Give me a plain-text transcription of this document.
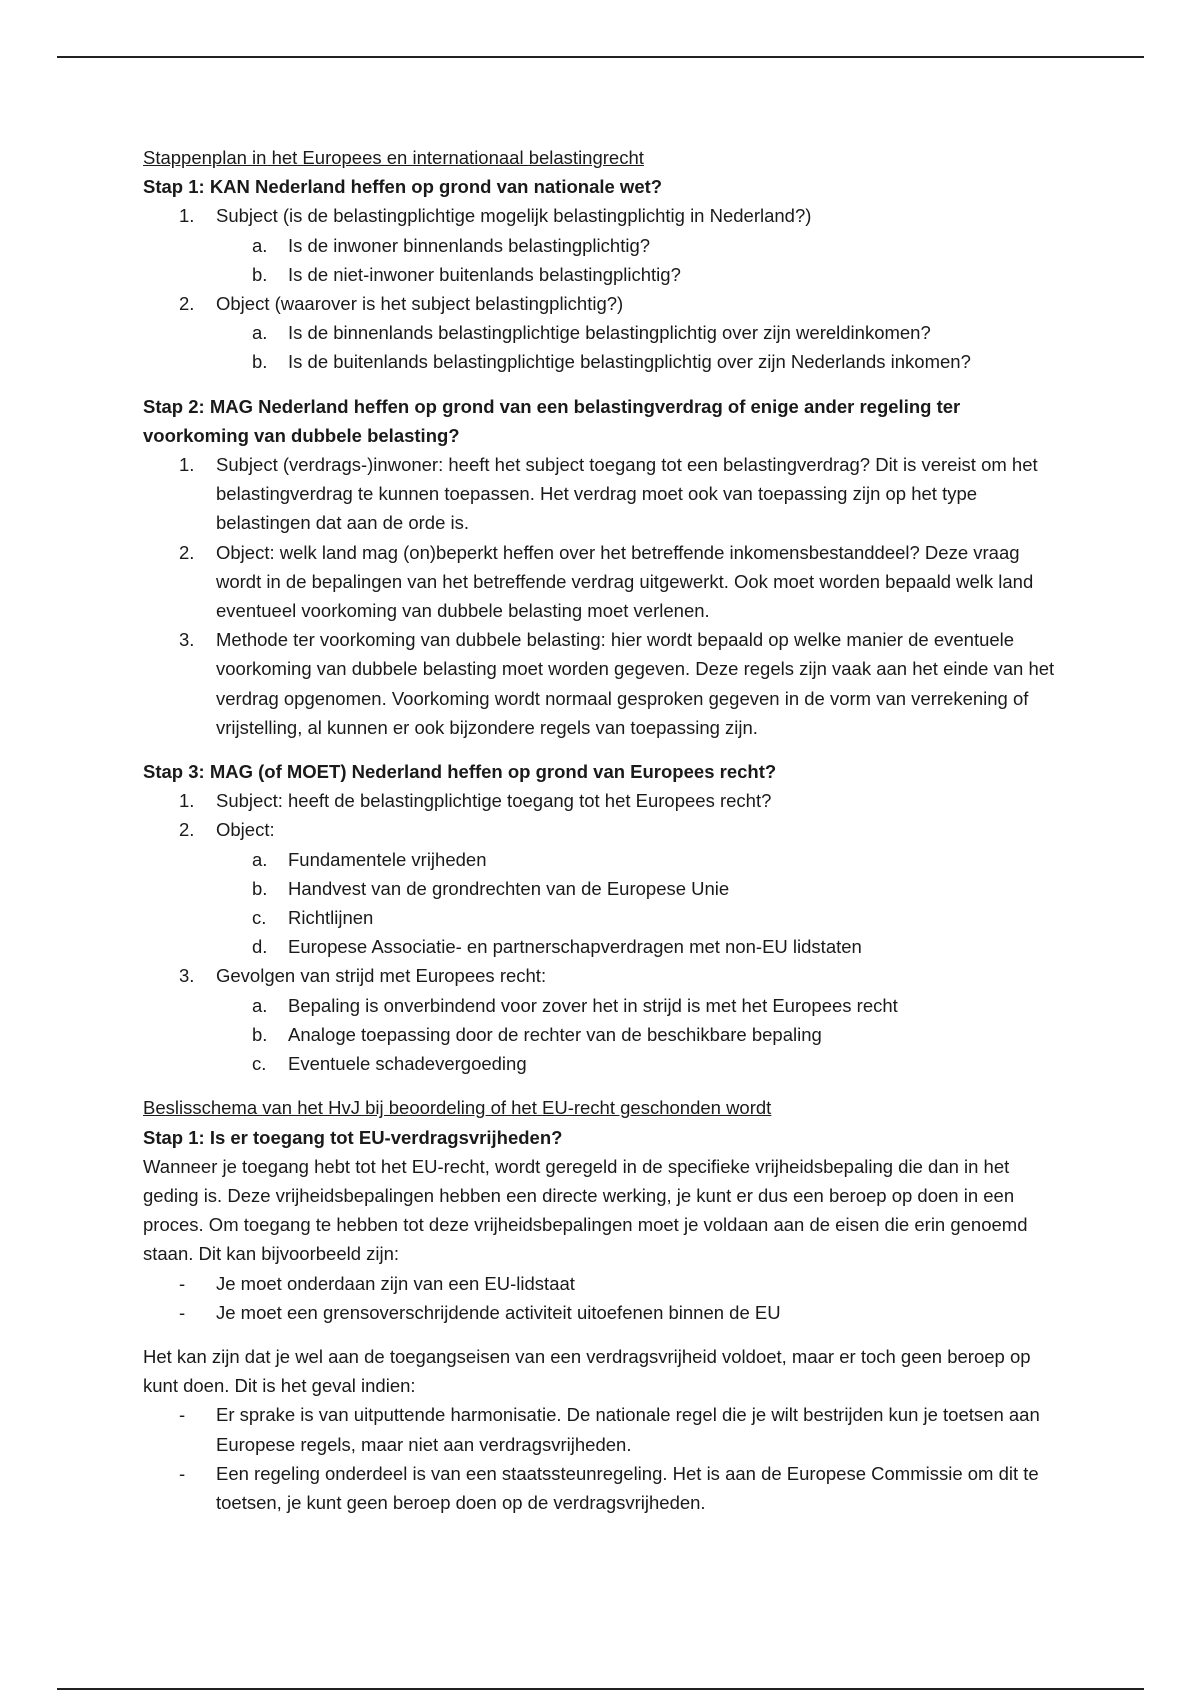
Stappenplan in het Europees en internationaal belastingrecht

Stap 1: KAN Nederland heffen op grond van nationale wet?

1. Subject (is de belastingplichtige mogelijk belastingplichtig in Nederland?)
a. Is de inwoner binnenlands belastingplichtig?
b. Is de niet-inwoner buitenlands belastingplichtig?
2. Object (waarover is het subject belastingplichtig?)
a. Is de binnenlands belastingplichtige belastingplichtig over zijn wereldinkomen?
b. Is de buitenlands belastingplichtige belastingplichtig over zijn Nederlands inkomen?

Stap 2: MAG Nederland heffen op grond van een belastingverdrag of enige ander regeling ter voorkoming van dubbele belasting?

1. Subject (verdrags-)inwoner: heeft het subject toegang tot een belastingverdrag? Dit is vereist om het belastingverdrag te kunnen toepassen. Het verdrag moet ook van toepassing zijn op het type belastingen dat aan de orde is.
2. Object: welk land mag (on)beperkt heffen over het betreffende inkomensbestanddeel? Deze vraag wordt in de bepalingen van het betreffende verdrag uitgewerkt. Ook moet worden bepaald welk land eventueel voorkoming van dubbele belasting moet verlenen.
3. Methode ter voorkoming van dubbele belasting: hier wordt bepaald op welke manier de eventuele voorkoming van dubbele belasting moet worden gegeven. Deze regels zijn vaak aan het einde van het verdrag opgenomen. Voorkoming wordt normaal gesproken gegeven in de vorm van verrekening of vrijstelling, al kunnen er ook bijzondere regels van toepassing zijn.

Stap 3: MAG (of MOET) Nederland heffen op grond van Europees recht?

1. Subject: heeft de belastingplichtige toegang tot het Europees recht?
2. Object:
a. Fundamentele vrijheden
b. Handvest van de grondrechten van de Europese Unie
c. Richtlijnen
d. Europese Associatie- en partnerschapverdragen met non-EU lidstaten
3. Gevolgen van strijd met Europees recht:
a. Bepaling is onverbindend voor zover het in strijd is met het Europees recht
b. Analoge toepassing door de rechter van de beschikbare bepaling
c. Eventuele schadevergoeding

Beslisschema van het HvJ bij beoordeling of het EU-recht geschonden wordt

Stap 1: Is er toegang tot EU-verdragsvrijheden?

Wanneer je toegang hebt tot het EU-recht, wordt geregeld in de specifieke vrijheidsbepaling die dan in het geding is. Deze vrijheidsbepalingen hebben een directe werking, je kunt er dus een beroep op doen in een proces. Om toegang te hebben tot deze vrijheidsbepalingen moet je voldaan aan de eisen die erin genoemd staan. Dit kan bijvoorbeeld zijn:

- Je moet onderdaan zijn van een EU-lidstaat
- Je moet een grensoverschrijdende activiteit uitoefenen binnen de EU

Het kan zijn dat je wel aan de toegangseisen van een verdragsvrijheid voldoet, maar er toch geen beroep op kunt doen. Dit is het geval indien:

- Er sprake is van uitputtende harmonisatie. De nationale regel die je wilt bestrijden kun je toetsen aan Europese regels, maar niet aan verdragsvrijheden.
- Een regeling onderdeel is van een staatssteunregeling. Het is aan de Europese Commissie om dit te toetsen, je kunt geen beroep doen op de verdragsvrijheden.
